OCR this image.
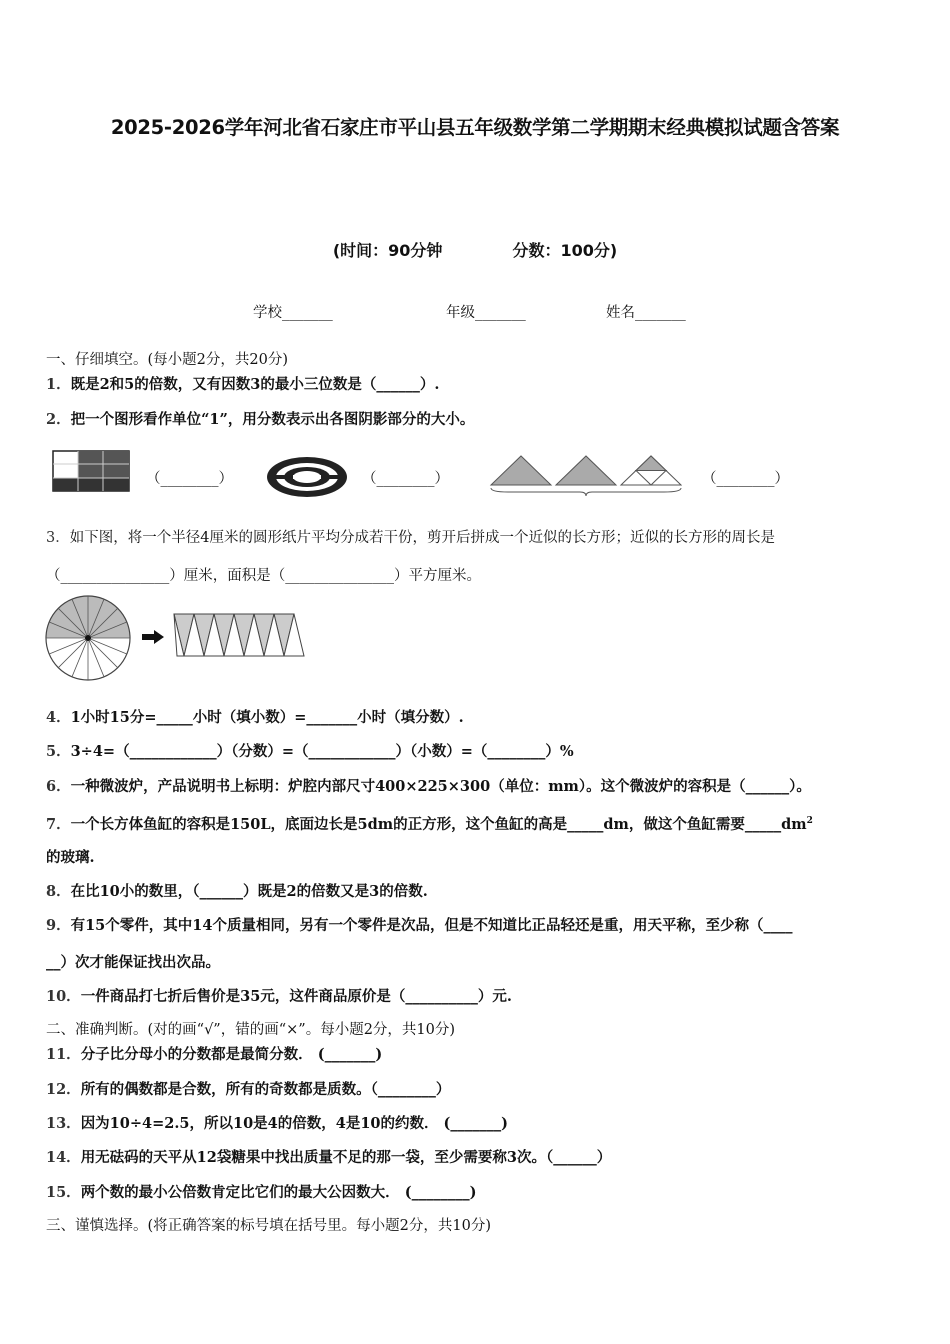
2025-2026学年河北省石家庄市平山县五年级数学第二学期期末经典模拟试题含答案
(时间：90分钟	分数：100分)
学校_______	年级_______	姓名_______
一、仔细填空。(每小题2分，共20分)
1．既是2和5的倍数，又有因数3的最小三位数是（______）.
2．把一个图形看作单位“1”，用分数表示出各图阴影部分的大小。
（________）	（________）	（________）
3．如下图，将一个半径4厘米的圆形纸片平均分成若干份，剪开后拼成一个近似的长方形；近似的长方形的周长是
（_______________）厘米，面积是（_______________）平方厘米。
4．1小时15分=_____小时（填小数）=_______小时（填分数）.
5．3÷4=（____________）（分数）=（____________）（小数）=（________）%
6．一种微波炉，产品说明书上标明：炉腔内部尺寸400×225×300（单位：mm）。这个微波炉的容积是（______）。
7．一个长方体鱼缸的容积是150L，底面边长是5dm的正方形，这个鱼缸的高是_____dm，做这个鱼缸需要$\_\_\_\_\_dm^2$
的玻璃.
8．在比10小的数里，（______）既是2的倍数又是3的倍数.
9．有15个零件，其中14个质量相同，另有一个零件是次品，但是不知道比正品轻还是重，用天平称，至少称（____
__）次才能保证找出次品。
10．一件商品打七折后售价是35元，这件商品原价是（__________）元.
二、准确判断。(对的画“√”，错的画“×”。每小题2分，共10分)
11．分子比分母小的分数都是最简分数． (_______)
12．所有的偶数都是合数，所有的奇数都是质数。（________）
13．因为10÷4=2.5，所以10是4的倍数，4是10的约数． (_______)
14．用无砝码的天平从12袋糖果中找出质量不足的那一袋，至少需要称3次。（______）
15．两个数的最小公倍数肯定比它们的最大公因数大． (________)
三、谨慎选择。(将正确答案的标号填在括号里。每小题2分，共10分)
